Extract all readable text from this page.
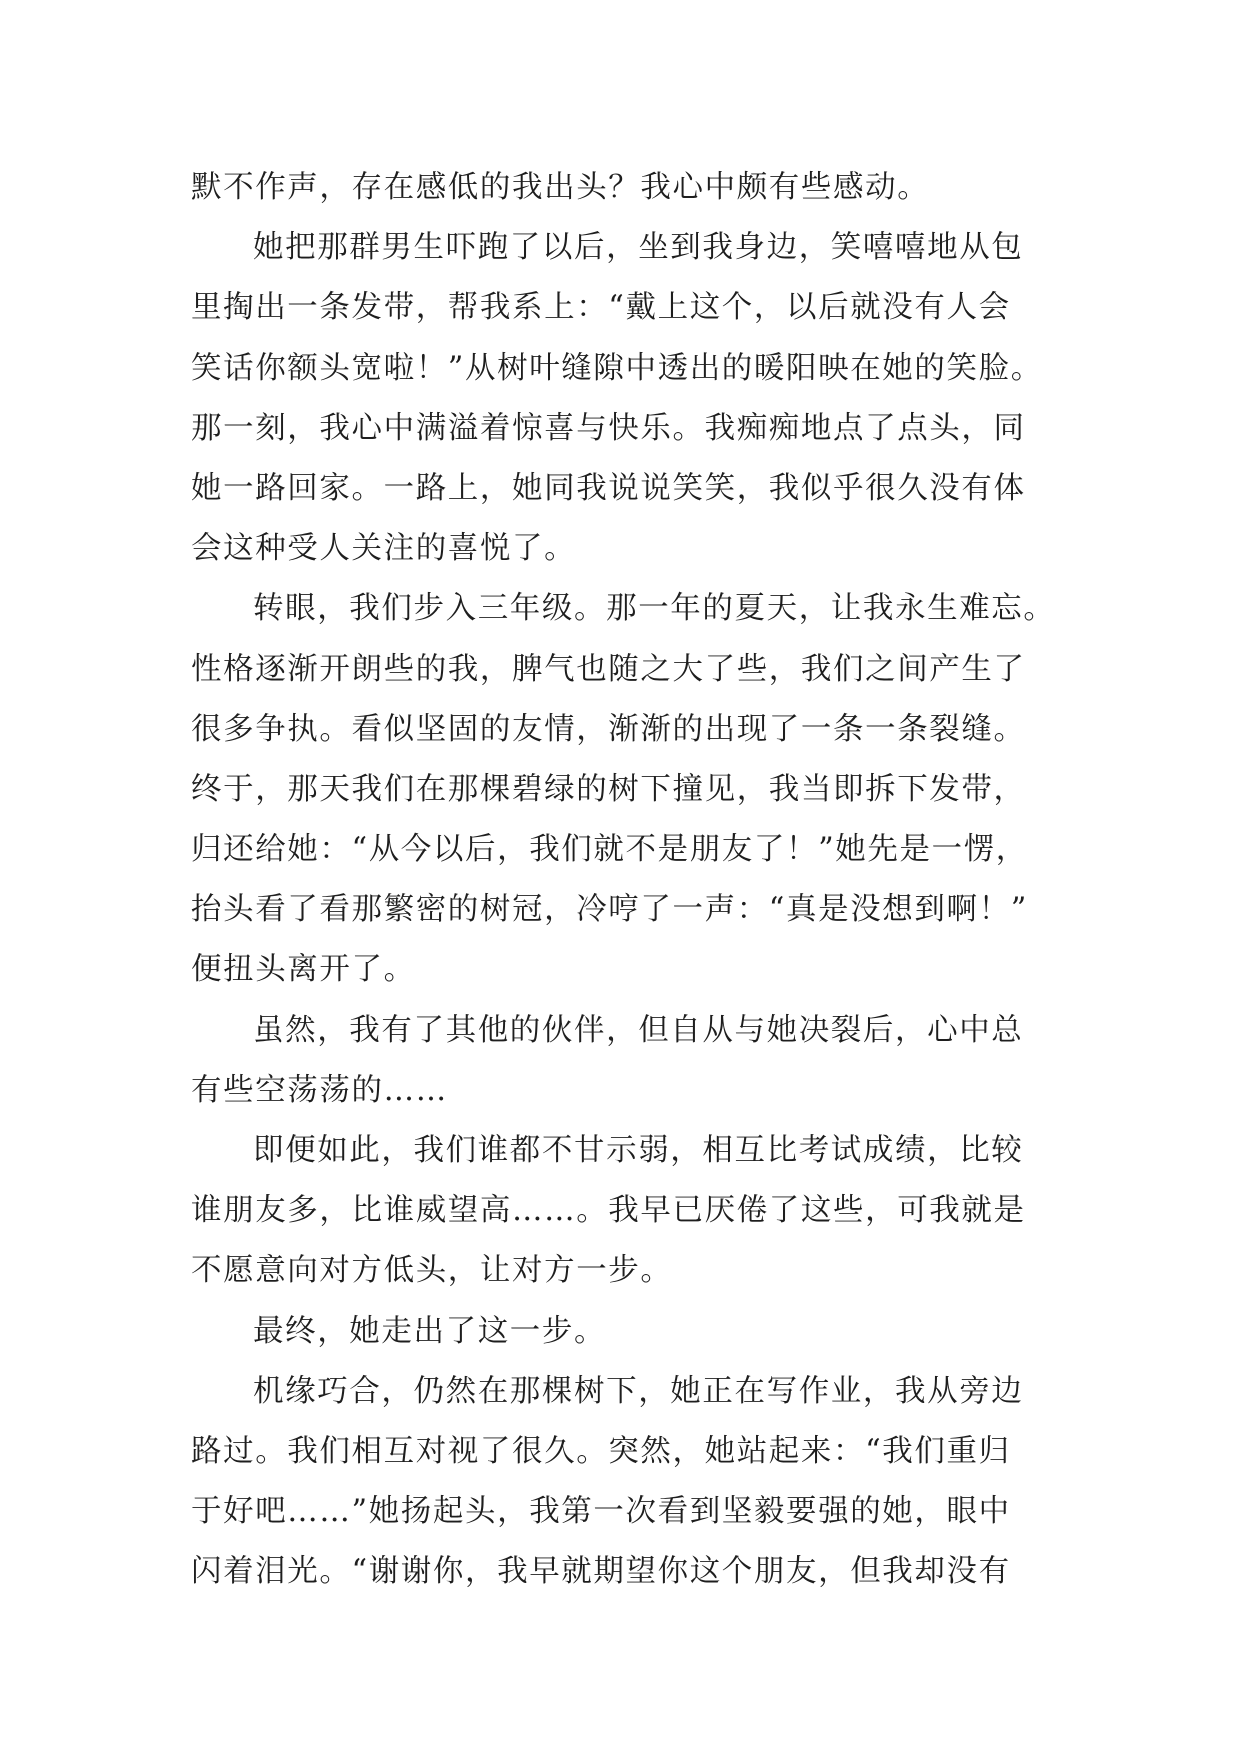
默不作声，存在感低的我出头？我心中颇有些感动。
她把那群男生吓跑了以后，坐到我身边，笑嘻嘻地从包
里掏出一条发带，帮我系上：“戴上这个，以后就没有人会
笑话你额头宽啦！”从树叶缝隙中透出的暖阳映在她的笑脸。
那一刻，我心中满溢着惊喜与快乐。我痴痴地点了点头，同
她一路回家。一路上，她同我说说笑笑，我似乎很久没有体
会这种受人关注的喜悦了。
转眼，我们步入三年级。那一年的夏天，让我永生难忘。
性格逐渐开朗些的我，脾气也随之大了些，我们之间产生了
很多争执。看似坚固的友情，渐渐的出现了一条一条裂缝。
终于，那天我们在那棵碧绿的树下撞见，我当即拆下发带，
归还给她：“从今以后，我们就不是朋友了！”她先是一愣，
抬头看了看那繁密的树冠，冷哼了一声：“真是没想到啊！”
便扭头离开了。
虽然，我有了其他的伙伴，但自从与她决裂后，心中总
有些空荡荡的……
即便如此，我们谁都不甘示弱，相互比考试成绩，比较
谁朋友多，比谁威望高……。我早已厌倦了这些，可我就是
不愿意向对方低头，让对方一步。
最终，她走出了这一步。
机缘巧合，仍然在那棵树下，她正在写作业，我从旁边
路过。我们相互对视了很久。突然，她站起来：“我们重归
于好吧……”她扬起头，我第一次看到坚毅要强的她，眼中
闪着泪光。“谢谢你，我早就期望你这个朋友，但我却没有
